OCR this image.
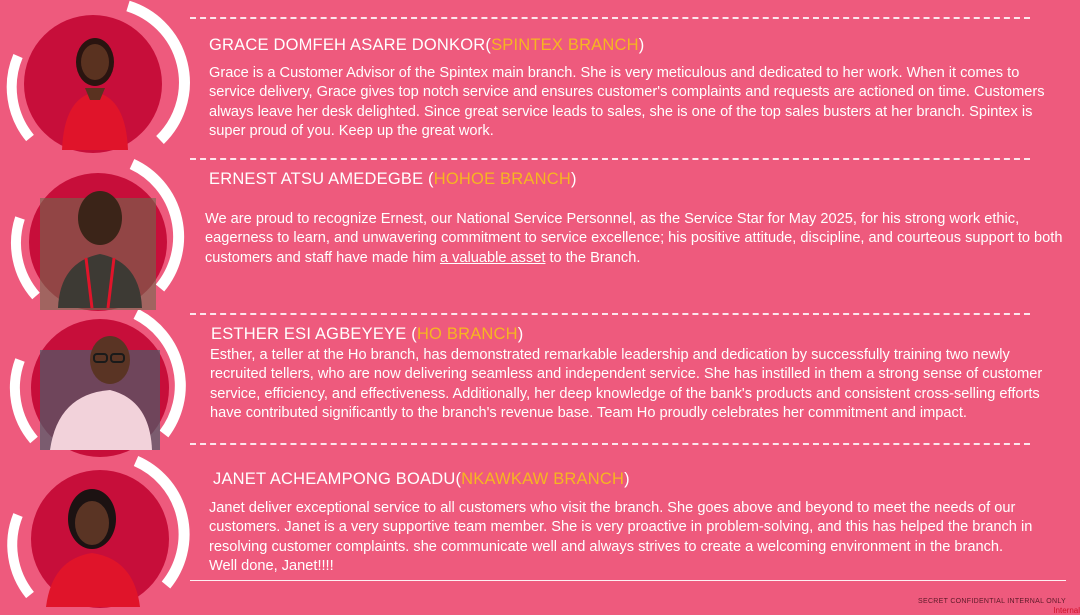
GRACE DOMFEH ASARE DONKOR(SPINTEX BRANCH)

Grace is a Customer Advisor of the Spintex main branch. She is very meticulous and dedicated to her work. When it comes to service delivery, Grace gives top notch service and ensures customer's complaints and requests are actioned on time. Customers always leave her desk delighted. Since great service leads to sales, she is one of the top sales busters at her branch. Spintex is super proud of you. Keep up the great work.

ERNEST ATSU AMEDEGBE (HOHOE BRANCH)

We are proud to recognize Ernest, our National Service Personnel, as the Service Star for May 2025, for his strong work ethic, eagerness to learn, and unwavering commitment to service excellence; his positive attitude, discipline, and courteous support to both customers and staff have made him a valuable asset to the Branch.

ESTHER ESI AGBEYEYE (HO BRANCH)

Esther, a teller at the Ho branch, has demonstrated remarkable leadership and dedication by successfully training two newly recruited tellers, who are now delivering seamless and independent service. She has instilled in them a strong sense of customer service, efficiency, and effectiveness. Additionally, her deep knowledge of the bank's products and consistent cross-selling efforts have contributed significantly to the branch's revenue base. Team Ho proudly celebrates her commitment and impact.

JANET ACHEAMPONG BOADU(NKAWKAW BRANCH)

Janet deliver exceptional service to all customers who visit the branch. She goes above and beyond to meet the needs of our customers. Janet is a very supportive team member. She is very proactive in problem-solving, and this has helped the branch in resolving customer complaints. she communicate well and always strives to create a welcoming environment in the branch.
Well done, Janet!!!!

SECRET CONFIDENTIAL INTERNAL ONLY
Internal
